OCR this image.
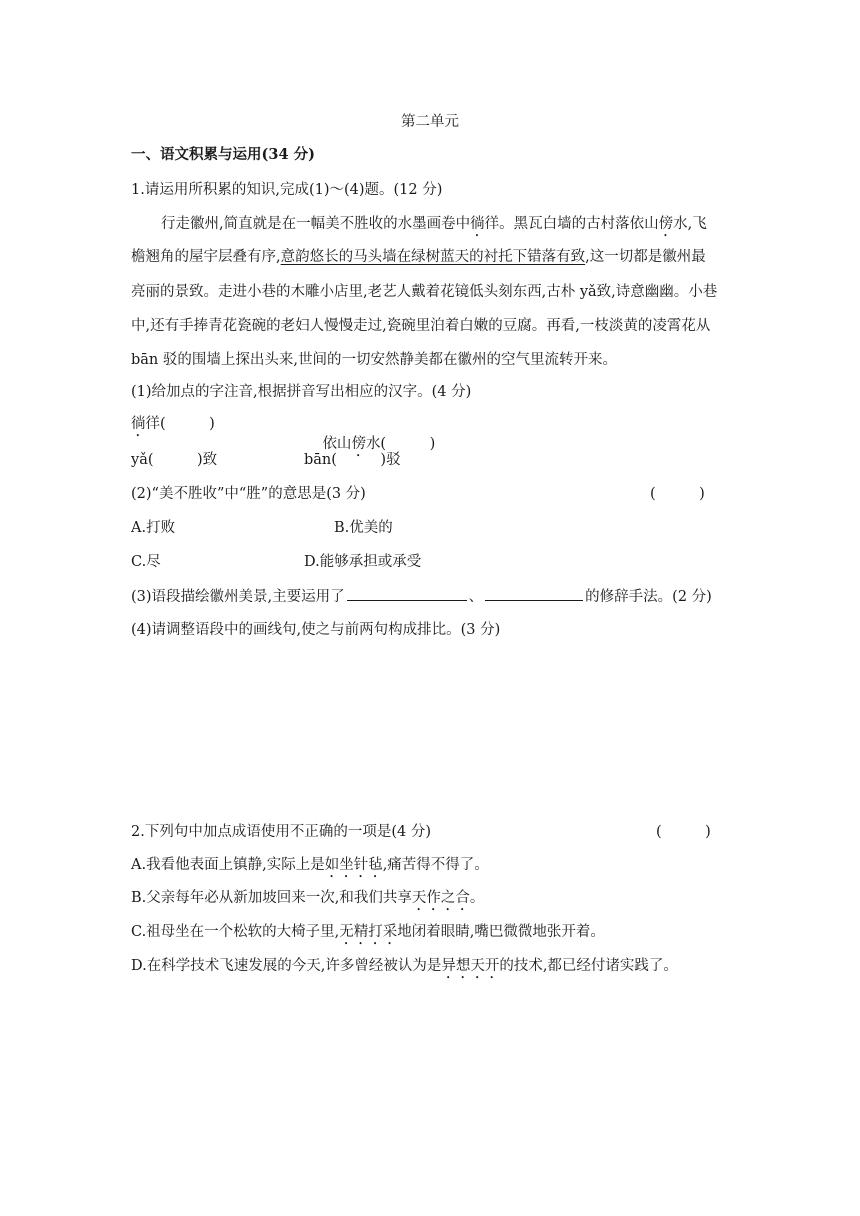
第二单元
一、语文积累与运用(34 分)
1.请运用所积累的知识,完成(1)～(4)题。(12 分)
行走徽州,简直就是在一幅美不胜收的水墨画卷中徜徉。黑瓦白墙的古村落依山傍水,飞
檐翘角的屋宇层叠有序,意韵悠长的马头墙在绿树蓝天的衬托下错落有致,这一切都是徽州最
亮丽的景致。走进小巷的木雕小店里,老艺人戴着花镜低头刻东西,古朴 yǎ致,诗意幽幽。小巷
中,还有手捧青花瓷碗的老妇人慢慢走过,瓷碗里泊着白嫩的豆腐。再看,一枝淡黄的凌霄花从
bān 驳的围墙上探出头来,世间的一切安然静美都在徽州的空气里流转开来。
(1)给加点的字注音,根据拼音写出相应的汉字。(4 分)
徜徉(　　　)

依山傍水(　　　)

yǎ(　　　)致	bān(　　　)驳
(2)“美不胜收”中“胜”的意思是(3 分)	(　　　)
A.打败	B.优美的
C.尽	D.能够承担或承受
(3)语段描绘徽州美景,主要运用了	、	的修辞手法。(2 分)
(4)请调整语段中的画线句,使之与前两句构成排比。(3 分)
2.下列句中加点成语使用不正确的一项是(4 分)	(　　　)
A.我看他表面上镇静,实际上是如坐针毡,痛苦得不得了。
B.父亲每年必从新加坡回来一次,和我们共享天作之合。
C.祖母坐在一个松软的大椅子里,无精打采地闭着眼睛,嘴巴微微地张开着。
D.在科学技术飞速发展的今天,许多曾经被认为是异想天开的技术,都已经付诸实践了。
